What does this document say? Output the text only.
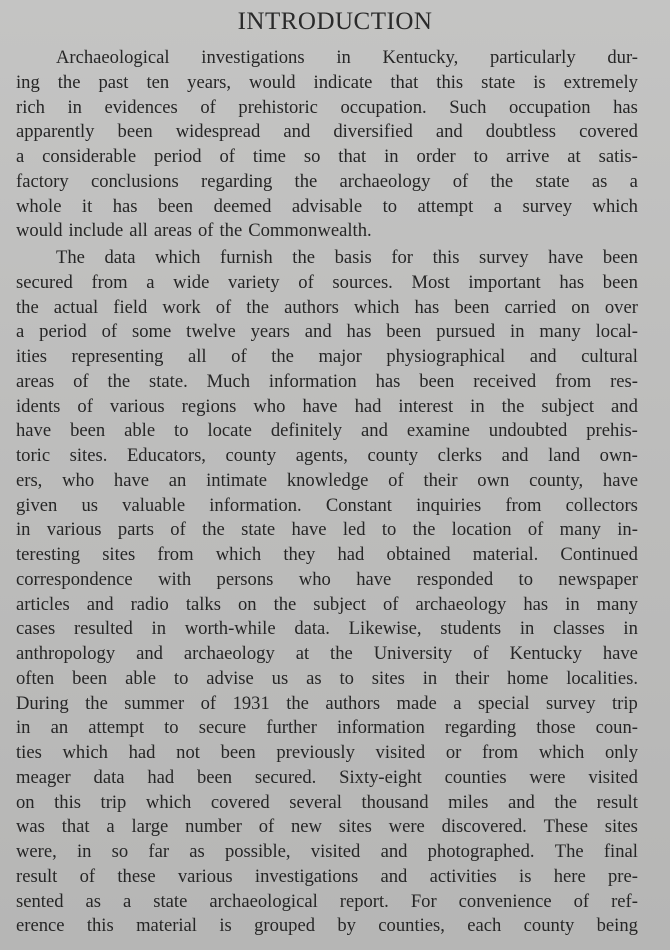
INTRODUCTION
Archaeological investigations in Kentucky, particularly dur-
ing the past ten years, would indicate that this state is extremely
rich in evidences of prehistoric occupation. Such occupation has
apparently been widespread and diversified and doubtless covered
a considerable period of time so that in order to arrive at satis-
factory conclusions regarding the archaeology of the state as a
whole it has been deemed advisable to attempt a survey which
would include all areas of the Commonwealth.
The data which furnish the basis for this survey have been
secured from a wide variety of sources. Most important has been
the actual field work of the authors which has been carried on over
a period of some twelve years and has been pursued in many local-
ities representing all of the major physiographical and cultural
areas of the state. Much information has been received from res-
idents of various regions who have had interest in the subject and
have been able to locate definitely and examine undoubted prehis-
toric sites. Educators, county agents, county clerks and land own-
ers, who have an intimate knowledge of their own county, have
given us valuable information. Constant inquiries from collectors
in various parts of the state have led to the location of many in-
teresting sites from which they had obtained material. Continued
correspondence with persons who have responded to newspaper
articles and radio talks on the subject of archaeology has in many
cases resulted in worth-while data. Likewise, students in classes in
anthropology and archaeology at the University of Kentucky have
often been able to advise us as to sites in their home localities.
During the summer of 1931 the authors made a special survey trip
in an attempt to secure further information regarding those coun-
ties which had not been previously visited or from which only
meager data had been secured. Sixty-eight counties were visited
on this trip which covered several thousand miles and the result
was that a large number of new sites were discovered. These sites
were, in so far as possible, visited and photographed. The final
result of these various investigations and activities is here pre-
sented as a state archaeological report. For convenience of ref-
erence this material is grouped by counties, each county being
